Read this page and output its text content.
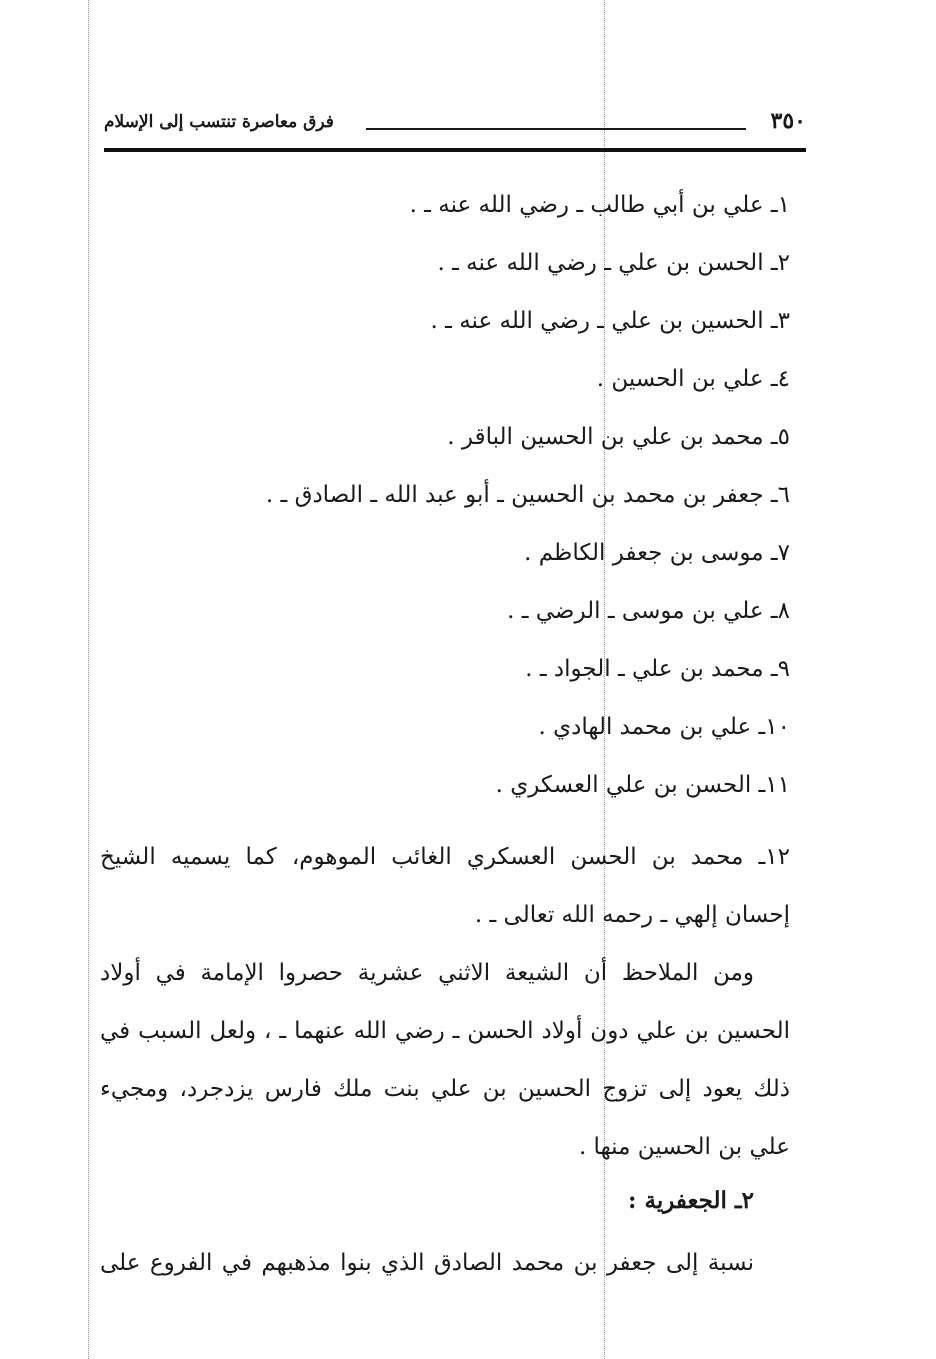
٣٥٠
فرق معاصرة تنتسب إلى الإسلام
١ـ علي بن أبي طالب ـ رضي الله عنه ـ .
٢ـ الحسن بن علي ـ رضي الله عنه ـ .
٣ـ الحسين بن علي ـ رضي الله عنه ـ .
٤ـ علي بن الحسين .
٥ـ محمد بن علي بن الحسين الباقر .
٦ـ جعفر بن محمد بن الحسين ـ أبو عبد الله ـ الصادق ـ .
٧ـ موسى بن جعفر الكاظم .
٨ـ علي بن موسى ـ الرضي ـ .
٩ـ محمد بن علي ـ الجواد ـ .
١٠ـ علي بن محمد الهادي .
١١ـ الحسن بن علي العسكري .
١٢ـ محمد بن الحسن العسكري الغائب الموهوم، كما يسميه الشيخ إحسان إلهي ـ رحمه الله تعالى ـ .

ومن الملاحظ أن الشيعة الاثني عشرية حصروا الإمامة في أولاد الحسين بن علي دون أولاد الحسن ـ رضي الله عنهما ـ ، ولعل السبب في ذلك يعود إلى تزوج الحسين بن علي بنت ملك فارس يزدجرد، ومجيء علي بن الحسين منها .

٢ـ الجعفرية :

نسبة إلى جعفر بن محمد الصادق الذي بنوا مذهبهم في الفروع على
